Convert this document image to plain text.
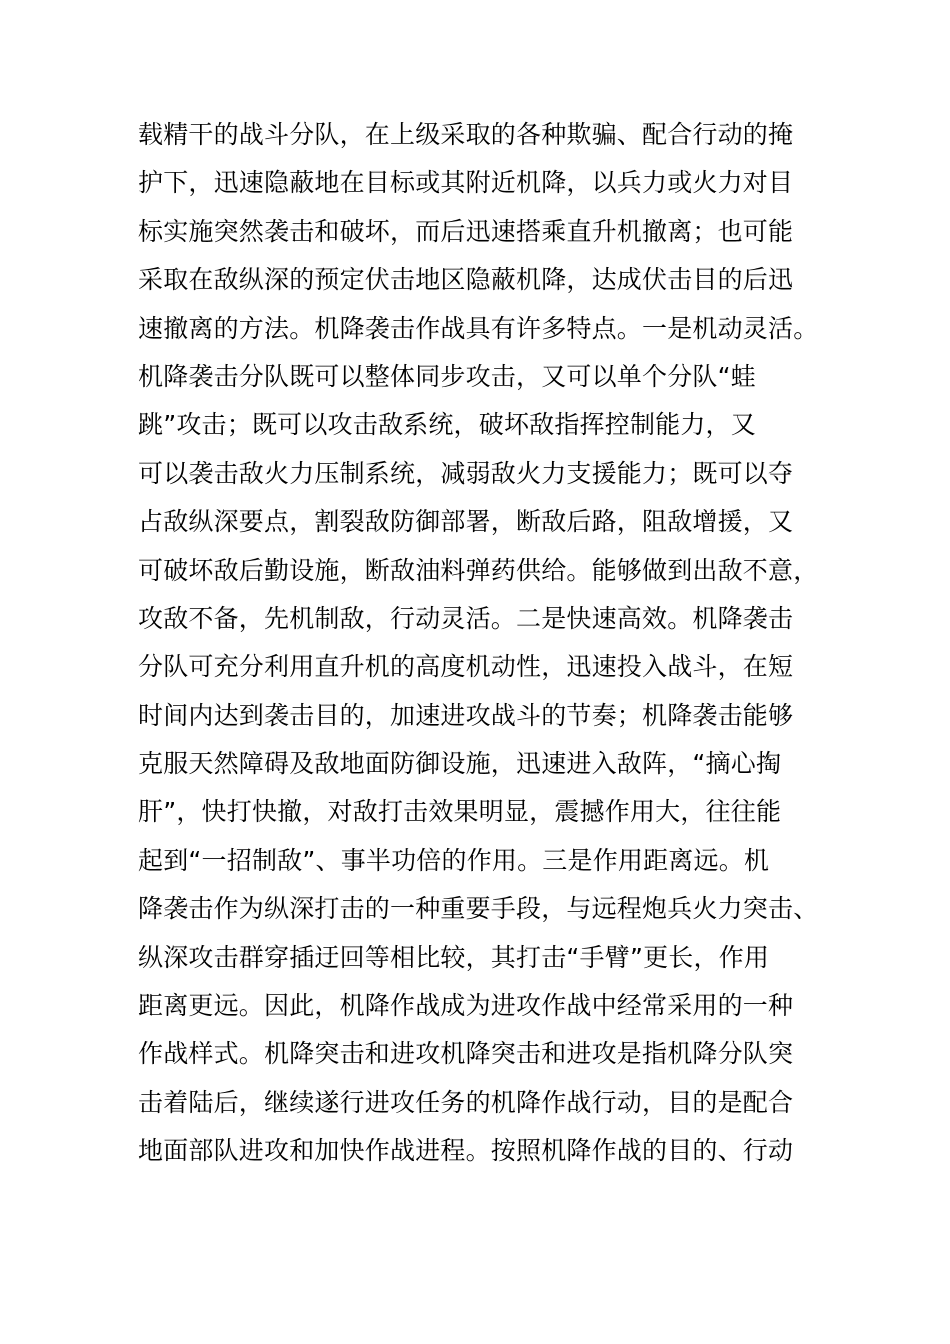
载精干的战斗分队，在上级采取的各种欺骗、配合行动的掩
护下，迅速隐蔽地在目标或其附近机降，以兵力或火力对目
标实施突然袭击和破坏，而后迅速搭乘直升机撤离；也可能
采取在敌纵深的预定伏击地区隐蔽机降，达成伏击目的后迅
速撤离的方法。机降袭击作战具有许多特点。一是机动灵活。
机降袭击分队既可以整体同步攻击，又可以单个分队“蛙
跳”攻击；既可以攻击敌系统，破坏敌指挥控制能力，又
可以袭击敌火力压制系统，减弱敌火力支援能力；既可以夺
占敌纵深要点，割裂敌防御部署，断敌后路，阻敌增援，又
可破坏敌后勤设施，断敌油料弹药供给。能够做到出敌不意，
攻敌不备，先机制敌，行动灵活。二是快速高效。机降袭击
分队可充分利用直升机的高度机动性，迅速投入战斗，在短
时间内达到袭击目的，加速进攻战斗的节奏；机降袭击能够
克服天然障碍及敌地面防御设施，迅速进入敌阵，“摘心掏
肝”，快打快撤，对敌打击效果明显，震撼作用大，往往能
起到“一招制敌”、事半功倍的作用。三是作用距离远。机
降袭击作为纵深打击的一种重要手段，与远程炮兵火力突击、
纵深攻击群穿插迂回等相比较，其打击“手臂”更长，作用
距离更远。因此，机降作战成为进攻作战中经常采用的一种
作战样式。机降突击和进攻机降突击和进攻是指机降分队突
击着陆后，继续遂行进攻任务的机降作战行动，目的是配合
地面部队进攻和加快作战进程。按照机降作战的目的、行动
